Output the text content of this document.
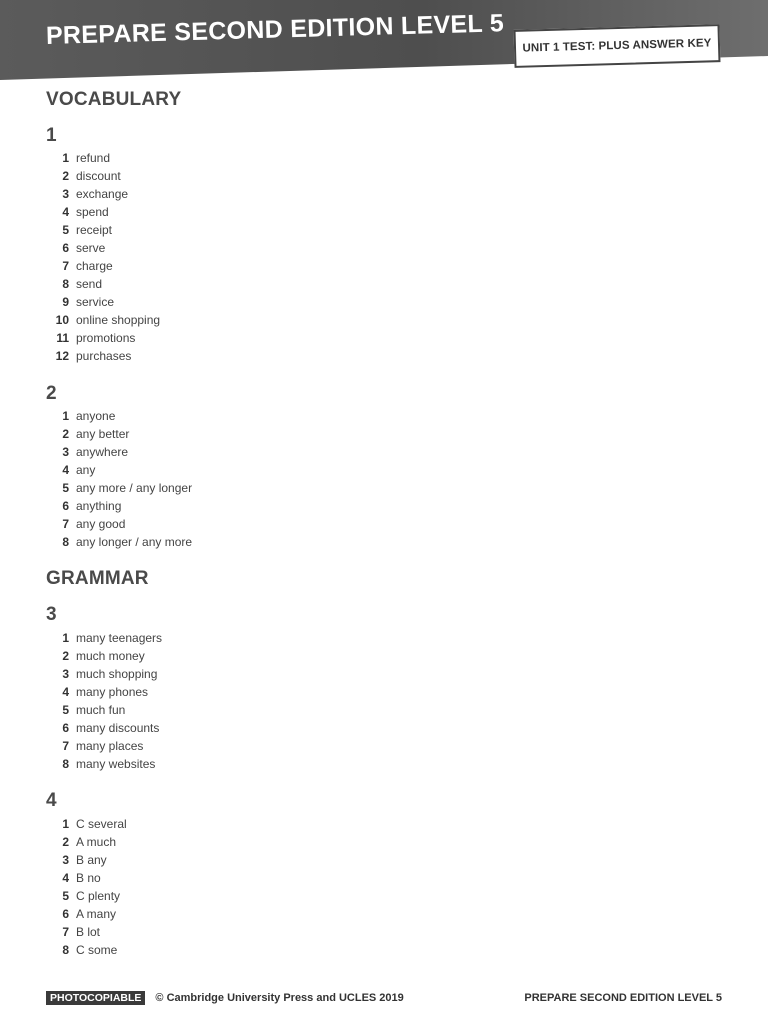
PREPARE SECOND EDITION LEVEL 5	UNIT 1 TEST: PLUS ANSWER KEY
VOCABULARY
1
1 refund
2 discount
3 exchange
4 spend
5 receipt
6 serve
7 charge
8 send
9 service
10 online shopping
11 promotions
12 purchases
2
1 anyone
2 any better
3 anywhere
4 any
5 any more / any longer
6 anything
7 any good
8 any longer / any more
GRAMMAR
3
1 many teenagers
2 much money
3 much shopping
4 many phones
5 much fun
6 many discounts
7 many places
8 many websites
4
1 C several
2 A much
3 B any
4 B no
5 C plenty
6 A many
7 B lot
8 C some
PHOTOCOPIABLE	© Cambridge University Press and UCLES 2019	PREPARE SECOND EDITION LEVEL 5
